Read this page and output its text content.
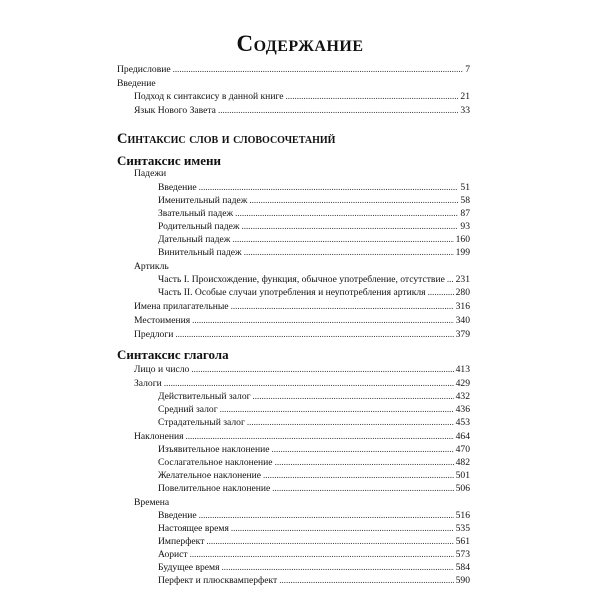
Содержание
Предисловие .....	7
Введение
Подход к синтаксису в данной книге .....	21
Язык Нового Завета .....	33
Синтаксис слов и словосочетаний
Синтаксис имени
Падежи
Введение .....	51
Именительный падеж .....	58
Звательный падеж .....	87
Родительный падеж .....	93
Дательный падеж .....	160
Винительный падеж .....	199
Артикль
Часть I. Происхождение, функция, обычное употребление, отсутствие ..... 231
Часть II. Особые случаи употребления и неупотребления артикля .....	280
Имена прилагательные .....	316
Местоимения .....	340
Предлоги .....	379
Синтаксис глагола
Лицо и число .....	413
Залоги .....	429
Действительный залог .....	432
Средний залог .....	436
Страдательный залог .....	453
Наклонения .....	464
Изъявительное наклонение .....	470
Сослагательное наклонение .....	482
Желательное наклонение .....	501
Повелительное наклонение .....	506
Времена
Введение .....	516
Настоящее время .....	535
Имперфект .....	561
Аорист .....	573
Будущее время .....	584
Перфект и плюсквамперфект .....	590
